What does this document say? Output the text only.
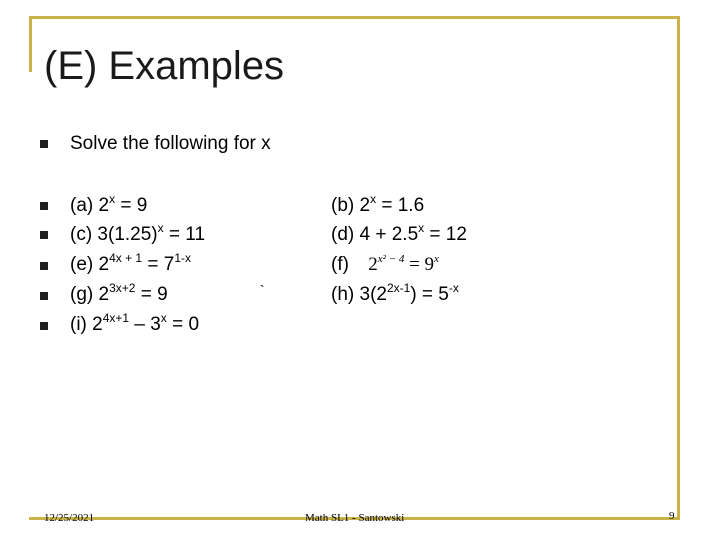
(E) Examples
Solve the following for x
(a) $2^x = 9$
(c) $3(1.25)^x = 11$
(e) $2^{4x + 1} = 7^{1-x}$
(g) $2^{3x+2} = 9$
(i) $2^{4x+1} - 3^x = 0$
`
(b) $2^x = 1.6$
(d) $4 + 2.5^x = 12$
(f) $2^{x^2 - 4} = 9^x$
(h) $3(2^{2x-1}) = 5^{-x}$
12/25/2021	Math SL1 - Santowski	9
